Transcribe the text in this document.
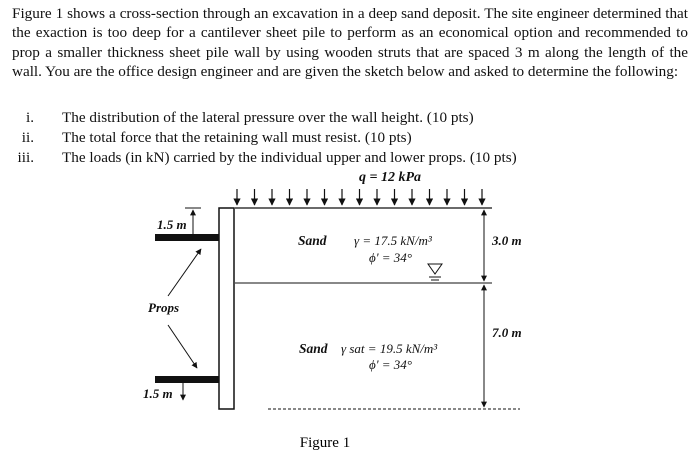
Figure 1 shows a cross-section through an excavation in a deep sand deposit. The site engineer determined that the exaction is too deep for a cantilever sheet pile to perform as an economical option and recommended to prop a smaller thickness sheet pile wall by using wooden struts that are spaced 3 m along the length of the wall. You are the office design engineer and are given the sketch below and asked to determine the following:

i. The distribution of the lateral pressure over the wall height. (10 pts)
ii. The total force that the retaining wall must resist. (10 pts)
iii. The loads (in kN) carried by the individual upper and lower props. (10 pts)
q = 12 kPa
1.5 m
1.5 m
Props
Sand γ = 17.5 kN/m³
ϕ' = 34°
Sand γ sat = 19.5 kN/m³
ϕ' = 34°
3.0 m
7.0 m
Figure 1
